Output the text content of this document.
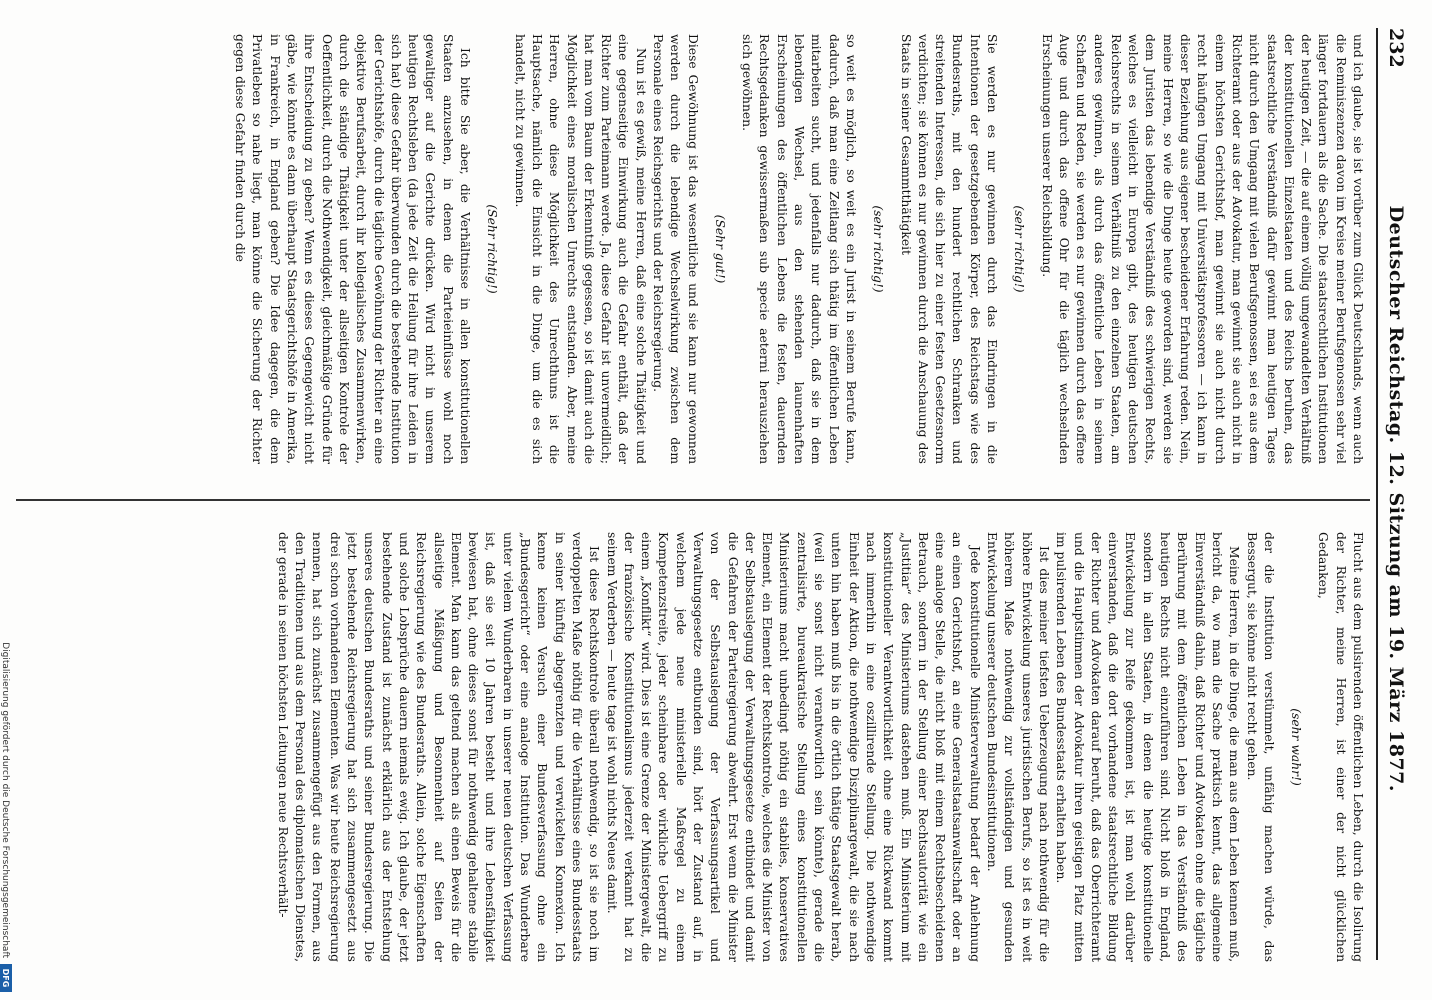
232
Deutscher Reichstag. 12. Sitzung am 19. März 1877.

und ich glaube, sie ist vorüber zum Glück Deutschlands, wenn auch die Reminiszenzen davon im Kreise meiner Berufsgenossen sehr viel länger fortdauern als die Sache. Die staatsrechtlichen Institutionen der heutigen Zeit, — die auf einem völlig umgewandelten Verhältniß der konstitutionellen Einzelstaaten und des Reichs beruhen, das staatsrechtliche Verständniß dafür gewinnt man heutigen Tages nicht durch den Umgang mit vielen Berufsgenossen, sei es aus dem Richteramt oder aus der Advokatur, man gewinnt sie auch nicht in einem höchsten Gerichtshof, man gewinnt sie auch nicht durch recht häufigen Umgang mit Universitätsprofessoren — ich kann in dieser Beziehung aus eigener bescheidener Erfahrung reden. Nein, meine Herren, so wie die Dinge heute geworden sind, werden sie dem Juristen das lebendige Verständniß des schwierigen Rechts, welches es vielleicht in Europa gibt, des heutigen deutschen Reichsrechts in seinem Verhältniß zu den einzelnen Staaten, am anderes gewinnen, als durch das öffentliche Leben in seinem Schaffen und Reden, sie werden es nur gewinnen durch das offene Auge und durch das offene Ohr für die täglich wechselnden Erscheinungen unserer Reichsbildung.

(sehr richtig!)

Sie werden es nur gewinnen durch das Eindringen in die Intentionen der gesetzgebenden Körper, des Reichstags wie des Bundesraths, mit den hundert rechtlichen Schranken und streitenden Interessen, die sich hier zu einer festen Gesetzesnorm verdichten; sie können es nur gewinnen durch die Anschauung des Staats in seiner Gesammtthätigkeit

(sehr richtig!)

so weit es möglich, so weit es ein Jurist in seinem Berufe kann, dadurch, daß man eine Zeitlang sich thätig im öffentlichen Leben mitarbeiten sucht, und jedenfalls nur dadurch, daß sie in dem lebendigen Wechsel, aus den stehenden launenhaften Erscheinungen des öffentlichen Lebens die festen, dauernden Rechtsgedanken gewissermaßen sub specie aeterni herausziehen sich gewöhnen.

(Sehr gut!)

Diese Gewöhnung ist das wesentliche und sie kann nur gewonnen werden durch die lebendige Wechselwirkung zwischen dem Personale eines Reichsgerichts und der Reichsregierung.

Nun ist es gewiß, meine Herren, daß eine solche Thätigkeit und eine gegenseitige Einwirkung auch die Gefahr enthält, daß der Richter zum Parteimann werde. Ja, diese Gefahr ist unvermeidlich; hat man vom Baum der Erkenntniß gegessen, so ist damit auch die Möglichkeit eines moralischen Unrechts entstanden. Aber, meine Herren, ohne diese Möglichkeit des Unrechthuns ist die Hauptsache, nämlich die Einsicht in die Dinge, um die es sich handelt, nicht zu gewinnen.

(Sehr richtig!)

Ich bitte Sie aber, die Verhältnisse in allen konstitutionellen Staaten anzusehen, in denen die Parteieinflüsse wohl noch gewaltiger auf die Gerichte drücken. Wird nicht in unserem heutigen Rechtsleben (da jede Zeit die Heilung für ihre Leiden in sich hat) diese Gefahr überwunden durch die bestehende Institution der Gerichtshöfe, durch die tägliche Gewöhnung der Richter an eine objektive Berufsarbeit, durch ihr kollegialisches Zusammenwirken, durch die ständige Thätigkeit unter der allseitigen Kontrole der Oeffentlichkeit, durch die Nothwendigkeit, gleichmäßige Gründe für ihre Entscheidung zu geben? Wenn es dieses Gegengewicht nicht gäbe, wie könnte es dann überhaupt Staatsgerichtshöfe in Amerika, in Frankreich, in England geben? Die Idee dagegen, die dem Privatleben so nahe liegt, man könne die Sicherung der Richter gegen diese Gefahr finden durch die

Flucht aus dem pulsirenden öffentlichen Leben, durch die Isolirung der Richter, meine Herren, ist einer der nicht glücklichen Gedanken,

(sehr wahr!)

der die Institution verstümmelt, unfähig machen würde, das Bessergut, sie könne nicht recht gehen.

Meine Herren, in die Dinge, die man aus dem Leben kennen muß, bericht da, wo man die Sache praktisch kennt, das allgemeine Einverständniß dahin, daß Richter und Advokaten ohne die tägliche Berührung mit dem öffentlichen Leben in das Verständniß des heutigen Rechts nicht einzuführen sind. Nicht bloß in England, sondern in allen Staaten, in denen die heutige konstitutionelle Entwickelung zur Reife gekommen ist, ist man wohl darüber einverstanden, daß die dort vorhandene staatsrechtliche Bildung der Richter und Advokaten darauf beruht, daß das Oberrichteramt und die Hauptstimmen der Advokatur ihren geistigen Platz mitten im pulsirenden Leben des Bundesstaats erhalten haben.

Ist dies meiner tiefsten Ueberzeugung nach nothwendig für die höhere Entwickelung unseres juristischen Berufs, so ist es in weit höherem Maße nothwendig zur vollständigen und gesunden Entwickelung unserer deutschen Bundesinstitutionen.

Jede konstitutionelle Ministerverwaltung bedarf der Anlehnung an einen Gerichtshof, an eine Generalstaatsanwaltschaft oder an eine analoge Stelle, die nicht bloß mit einem Rechtsbescheidenen Betrauch, sondern in der Stellung einer Rechtsautorität wie ein „Justitiar“ des Ministeriums dastehen muß. Ein Ministerium mit konstitutioneller Verantwortlichkeit ohne eine Rückwand kommt nach immerhin in eine oszillirende Stellung. Die nothwendige Einheit der Aktion, die nothwendige Disziplinargewalt, die sie nach unten hin haben muß bis in die örtlich thätige Staatsgewalt herab, (weil sie sonst nicht verantwortlich sein könnte), gerade die zentralisirte, bureaukratische Stellung eines konstitutionellen Ministeriums macht unbedingt nöthig ein stabiles, konservatives Element, ein Element der Rechtskontrole, welches die Minister von der Selbstauslegung der Verwaltungsgesetze entbindet und damit die Gefahren der Parteiregierung abwehrt. Erst wenn die Minister von der Selbstauslegung der Verfassungsartikel und Verwaltungsgesetze entbunden sind, hört der Zustand auf, in welchem jede neue ministerielle Maßregel zu einem Kompetenzstreite, jeder scheinbare oder wirkliche Uebergriff zu einem „Konflikt“ wird. Dies ist eine Grenze der Ministergewalt, die der französische Konstitutionalismus jederzeit verkannt hat zu seinem Verderben — heute tage ist wohl nichts Neues damit.

Ist diese Rechtskontrole überall nothwendig, so ist sie noch im verdoppelten Maße nöthig für die Verhältnisse eines Bundesstaats in seiner künftig abgegrenzten und verwickelten Konnexion. Ich kenne keinen Versuch einer Bundesverfassung ohne ein „Bundesgericht“ oder eine analoge Institution. Das Wunderbare unter vielem Wunderbaren in unserer neuen deutschen Verfassung ist, daß sie seit 10 Jahren besteht und ihre Lebensfähigkeit bewiesen hat, ohne dieses sonst für nothwendig gehaltene stabile Element. Man kann das geltend machen als einen Beweis für die allseitige Mäßigung und Besonnenheit auf Seiten der Reichsregierung wie des Bundesraths. Allein, solche Eigenschaften und solche Lobsprüche dauern niemals ewig. Ich glaube, der jetzt bestehende Zustand ist zunächst erklärlich aus der Entstehung unseres deutschen Bundesraths und seiner Bundesregierung. Die jetzt bestehende Reichsregierung hat sich zusammengesetzt aus drei schon vorhandenen Elementen. Was wir heute Reichsregierung nennen, hat sich zunächst zusammengefügt aus den Formen, aus den Traditionen und aus dem Personal des diplomatischen Dienstes, der gerade in seinen höchsten Leitungen neue Rechtsverhält-

Digitalisierung gefördert durch die Deutsche Forschungsgemeinschaft
DFG
